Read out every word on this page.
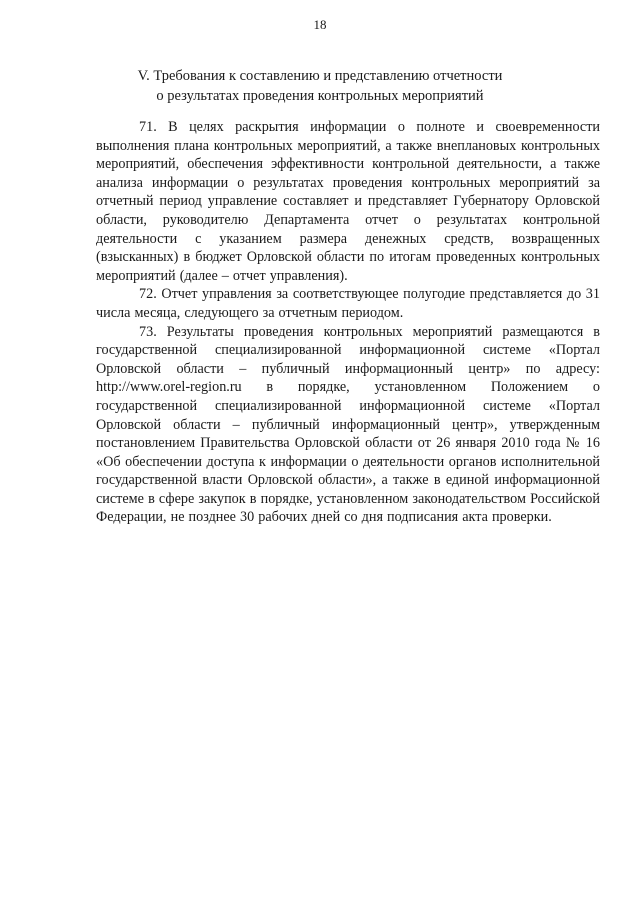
18
V. Требования к составлению и представлению отчетности
о результатах проведения контрольных мероприятий

71. В целях раскрытия информации о полноте и своевременности выполнения плана контрольных мероприятий, а также внеплановых контрольных мероприятий, обеспечения эффективности контрольной деятельности, а также анализа информации о результатах проведения контрольных мероприятий за отчетный период управление составляет и представляет Губернатору Орловской области, руководителю Департамента отчет о результатах контрольной деятельности с указанием размера денежных средств, возвращенных (взысканных) в бюджет Орловской области по итогам проведенных контрольных мероприятий (далее – отчет управления).

72. Отчет управления за соответствующее полугодие представляется до 31 числа месяца, следующего за отчетным периодом.

73. Результаты проведения контрольных мероприятий размещаются в государственной специализированной информационной системе «Портал Орловской области – публичный информационный центр» по адресу: http://www.orel-region.ru в порядке, установленном Положением о государственной специализированной информационной системе «Портал Орловской области – публичный информационный центр», утвержденным постановлением Правительства Орловской области от 26 января 2010 года № 16 «Об обеспечении доступа к информации о деятельности органов исполнительной государственной власти Орловской области», а также в единой информационной системе в сфере закупок в порядке, установленном законодательством Российской Федерации, не позднее 30 рабочих дней со дня подписания акта проверки.
